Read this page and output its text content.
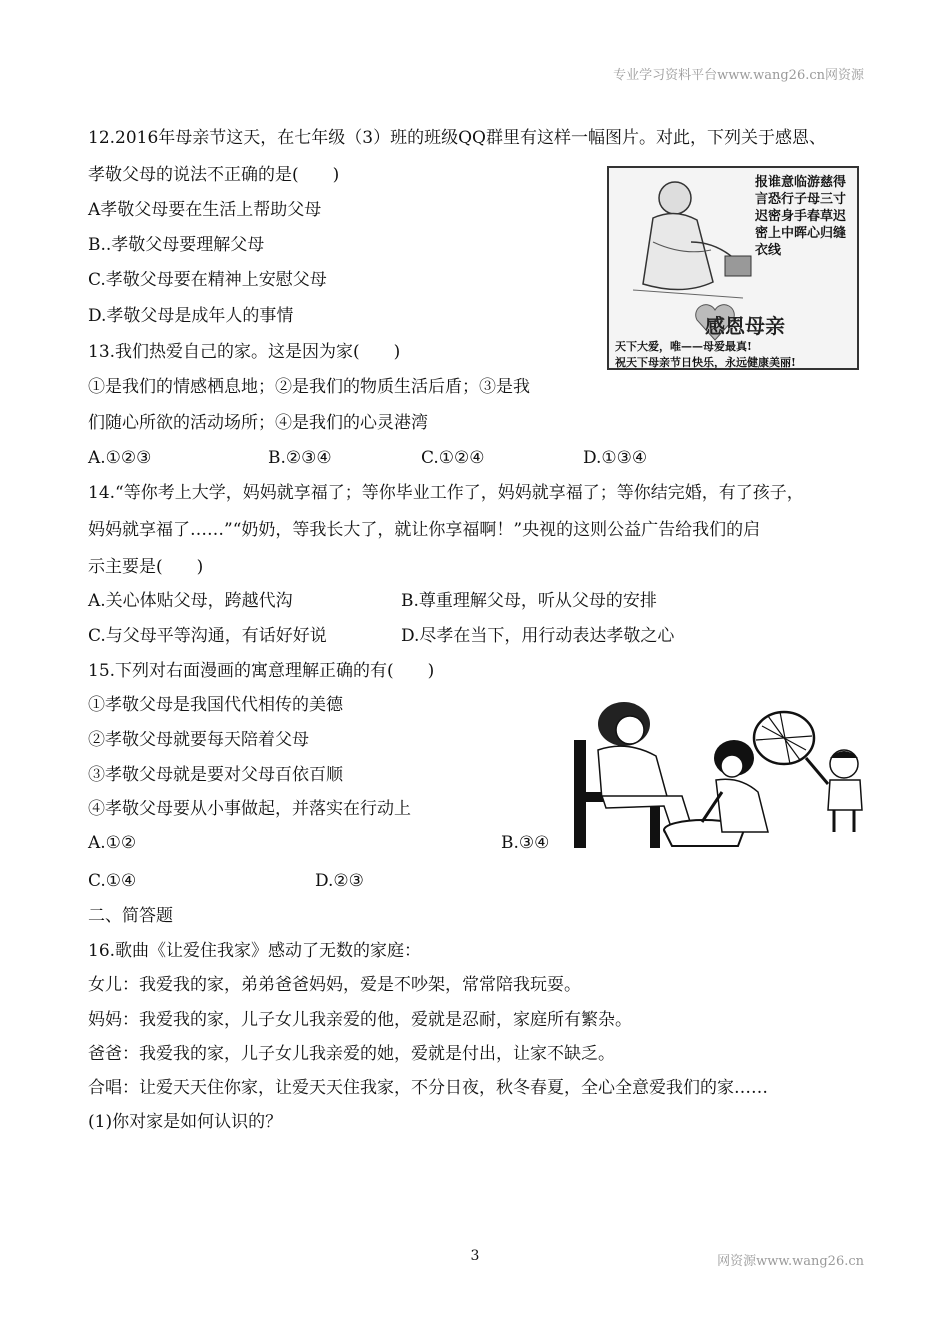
专业学习资料平台www.wang26.cn网资源
12.2016年母亲节这天，在七年级（3）班的班级QQ群里有这样一幅图片。对此，下列关于感恩、
孝敬父母的说法不正确的是(　　)
A孝敬父母要在生活上帮助父母
B..孝敬父母要理解父母
C.孝敬父母要在精神上安慰父母
D.孝敬父母是成年人的事情
报谁意临游慈得言恐行子母三寸迟密身手春草迟密上中晖心归缝衣线
感恩母亲
天下大爱，唯——母爱最真!
祝天下母亲节日快乐，永远健康美丽!
13.我们热爱自己的家。这是因为家(　　)
①是我们的情感栖息地；②是我们的物质生活后盾；③是我
们随心所欲的活动场所；④是我们的心灵港湾
A.①②③	B.②③④	C.①②④	D.①③④
14.“等你考上大学，妈妈就享福了；等你毕业工作了，妈妈就享福了；等你结完婚，有了孩子，
妈妈就享福了……”“奶奶，等我长大了，就让你享福啊！”央视的这则公益广告给我们的启
示主要是(　　)
A.关心体贴父母，跨越代沟	B.尊重理解父母，听从父母的安排
C.与父母平等沟通，有话好好说	D.尽孝在当下，用行动表达孝敬之心
15.下列对右面漫画的寓意理解正确的有(　　)
①孝敬父母是我国代代相传的美德
②孝敬父母就要每天陪着父母
③孝敬父母就是要对父母百依百顺
④孝敬父母要从小事做起，并落实在行动上
A.①②	B.③④
C.①④	D.②③
二、简答题
16.歌曲《让爱住我家》感动了无数的家庭：
女儿：我爱我的家，弟弟爸爸妈妈，爱是不吵架，常常陪我玩耍。
妈妈：我爱我的家，儿子女儿我亲爱的他，爱就是忍耐，家庭所有繁杂。
爸爸：我爱我的家，儿子女儿我亲爱的她，爱就是付出，让家不缺乏。
合唱：让爱天天住你家，让爱天天住我家，不分日夜，秋冬春夏，全心全意爱我们的家……
(1)你对家是如何认识的？
3	网资源www.wang26.cn
